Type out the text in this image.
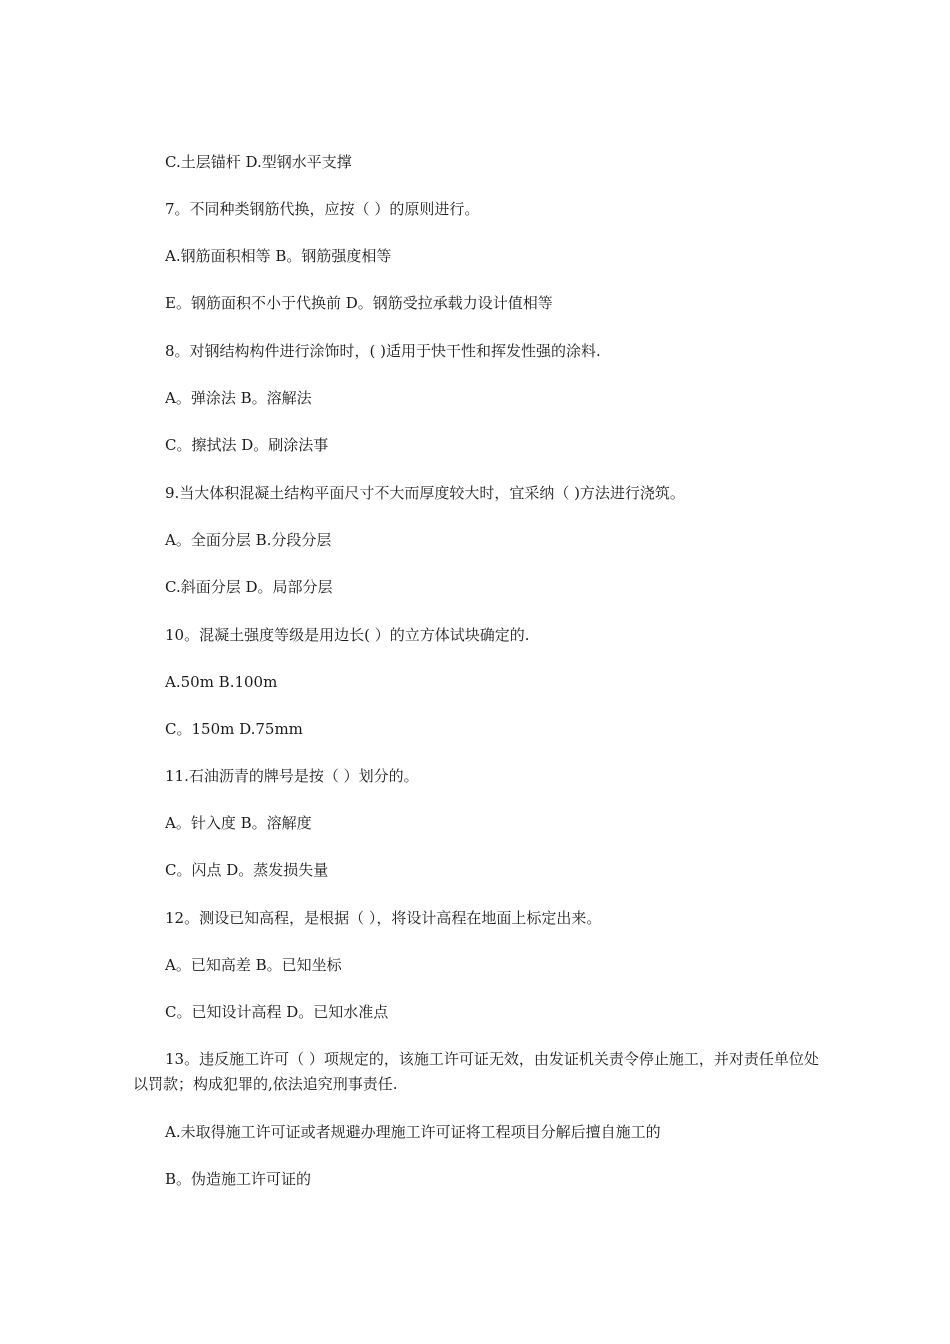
C.土层锚杆 D.型钢水平支撑
7。不同种类钢筋代换，应按（ ）的原则进行。
A.钢筋面积相等 B。钢筋强度相等
E。钢筋面积不小于代换前 D。钢筋受拉承载力设计值相等
8。对钢结构构件进行涂饰时，( )适用于快干性和挥发性强的涂料.
A。弹涂法 B。溶解法
C。擦拭法 D。刷涂法事
9.当大体积混凝土结构平面尺寸不大而厚度较大时，宜采纳（ )方法进行浇筑。
A。全面分层 B.分段分层
C.斜面分层 D。局部分层
10。混凝土强度等级是用边长( ）的立方体试块确定的.
A.50m B.100m
C。150m D.75mm
11.石油沥青的牌号是按（ ）划分的。
A。针入度 B。溶解度
C。闪点 D。蒸发损失量
12。测设已知高程，是根据（ ），将设计高程在地面上标定出来。
A。已知高差 B。已知坐标
C。已知设计高程 D。已知水准点
13。违反施工许可（ ）项规定的，该施工许可证无效，由发证机关责令停止施工，并对责任单位处以罚款；构成犯罪的,依法追究刑事责任.
A.未取得施工许可证或者规避办理施工许可证将工程项目分解后擅自施工的
B。伪造施工许可证的
